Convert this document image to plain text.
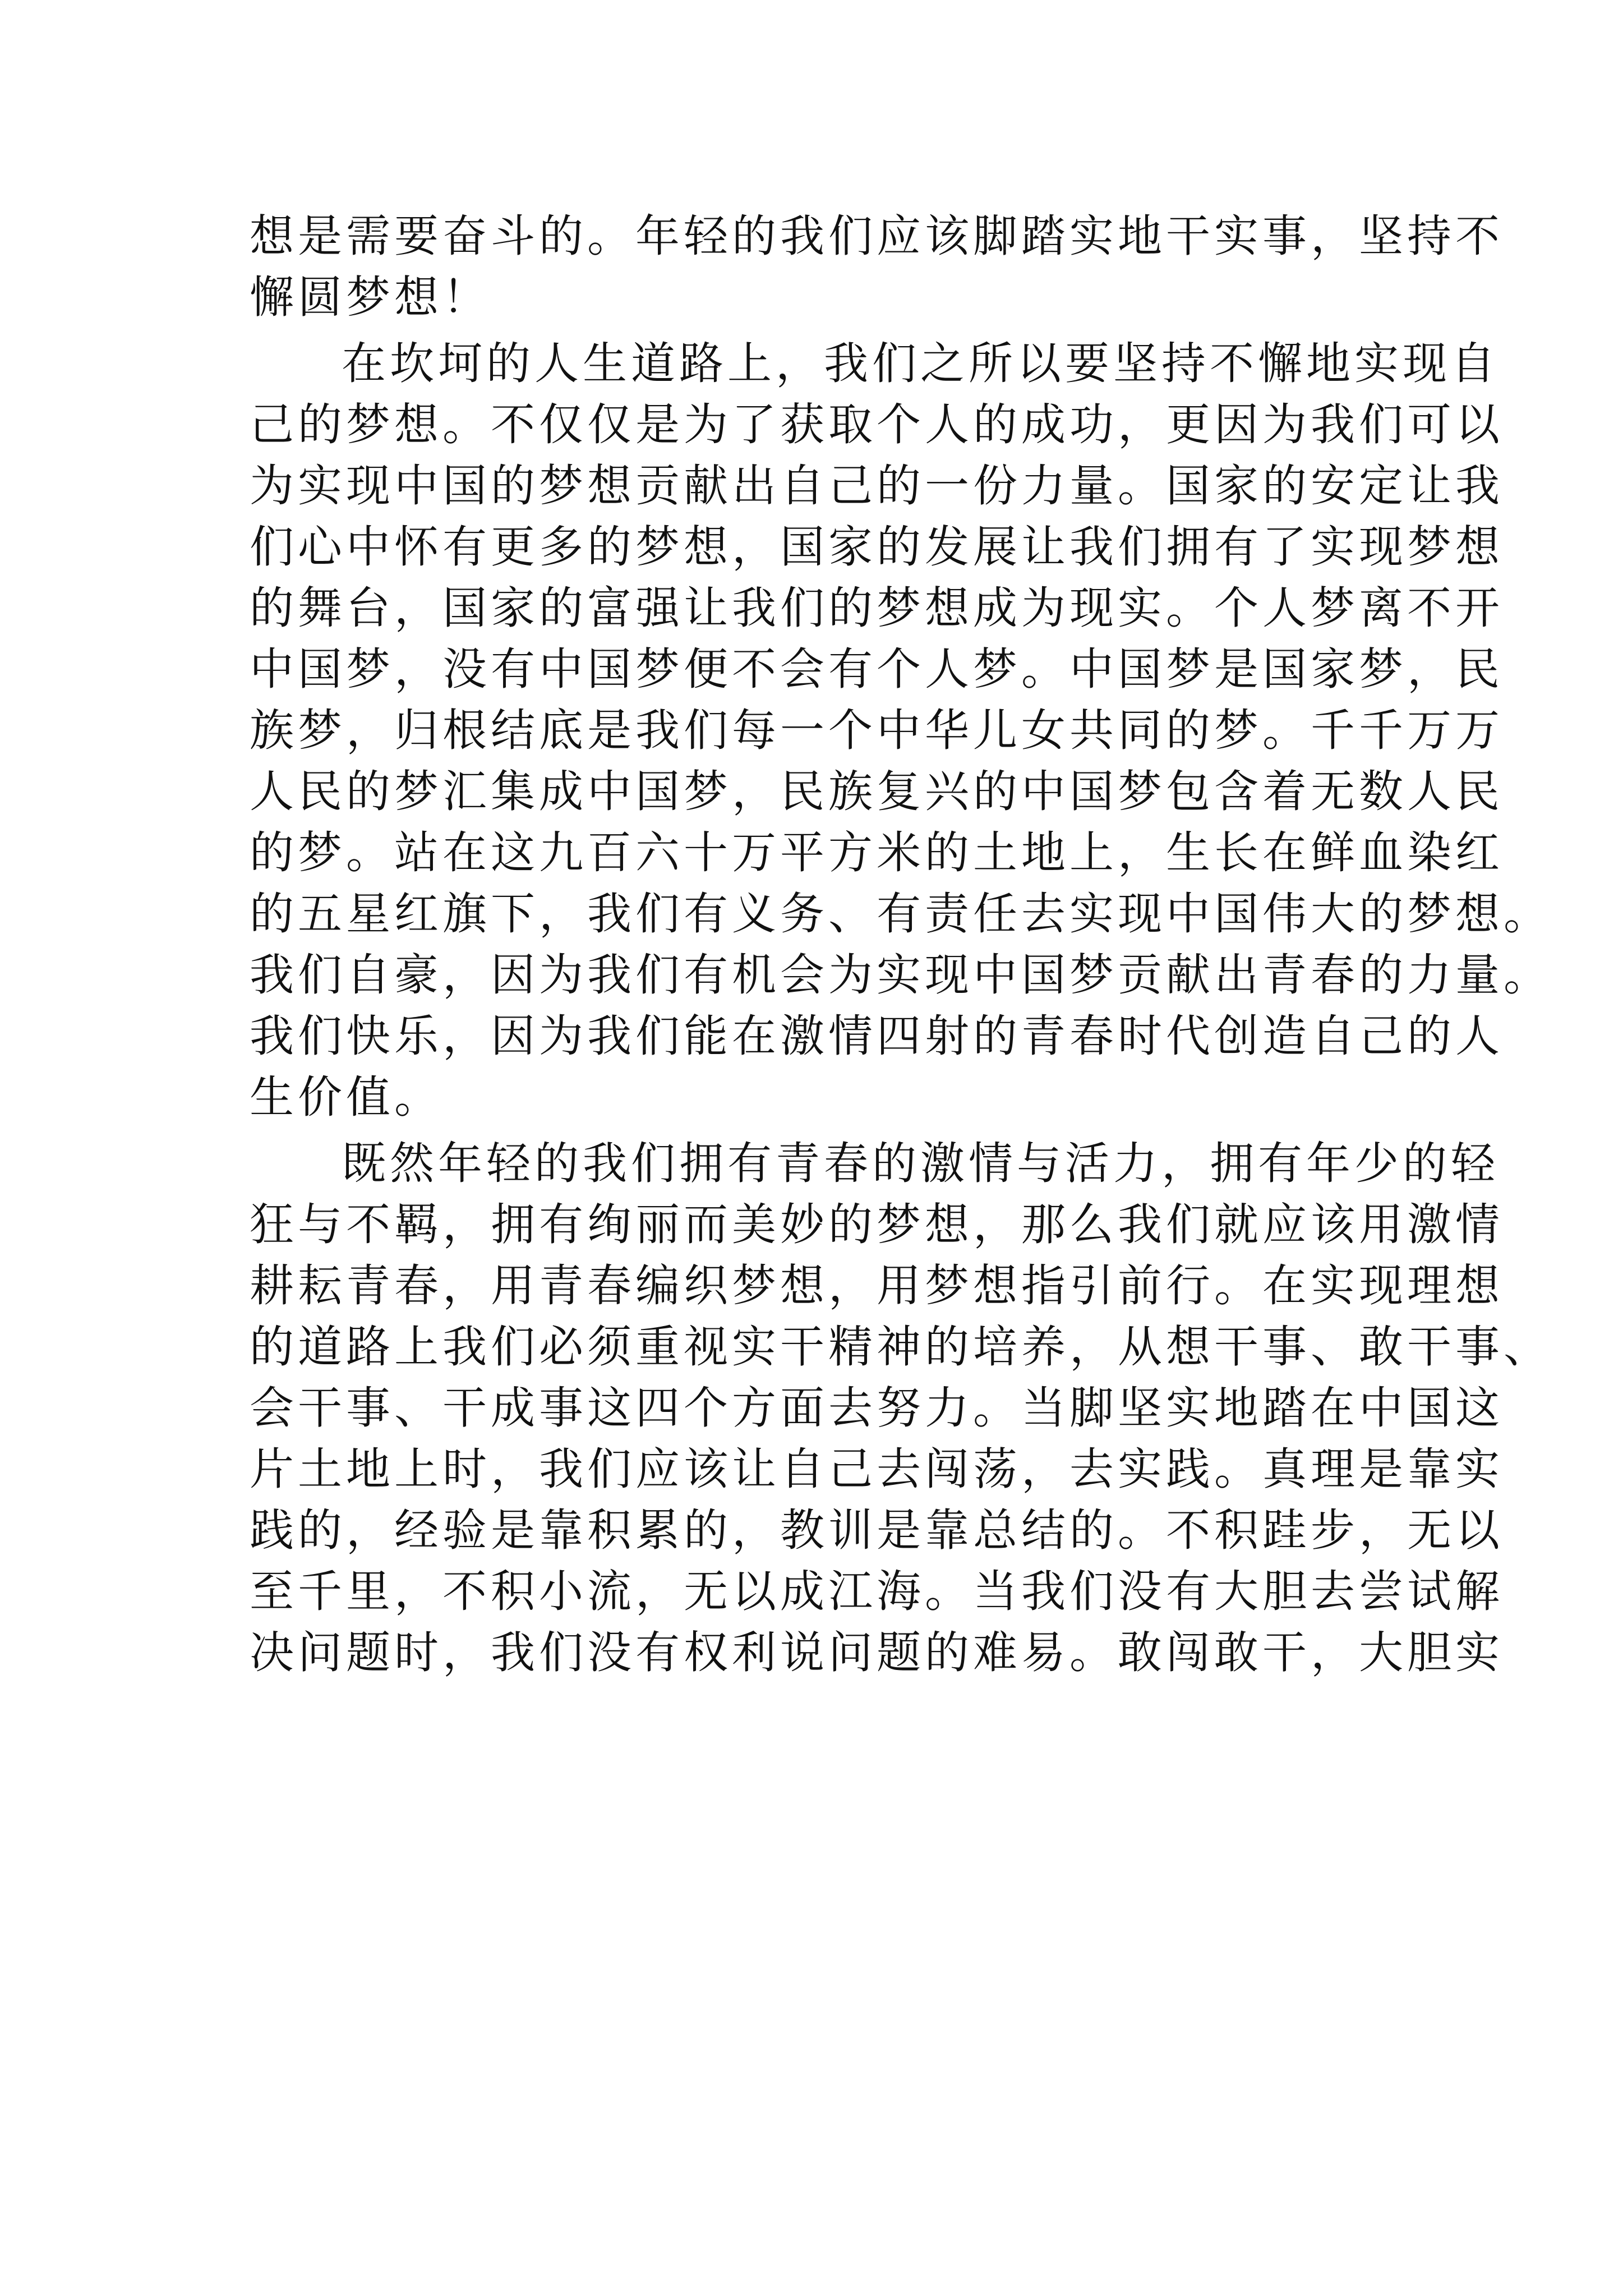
想是需要奋斗的。年轻的我们应该脚踏实地干实事，坚持不
懈圆梦想！
在坎坷的人生道路上，我们之所以要坚持不懈地实现自
己的梦想。不仅仅是为了获取个人的成功，更因为我们可以
为实现中国的梦想贡献出自己的一份力量。国家的安定让我
们心中怀有更多的梦想，国家的发展让我们拥有了实现梦想
的舞台，国家的富强让我们的梦想成为现实。个人梦离不开
中国梦，没有中国梦便不会有个人梦。中国梦是国家梦，民
族梦，归根结底是我们每一个中华儿女共同的梦。千千万万
人民的梦汇集成中国梦，民族复兴的中国梦包含着无数人民
的梦。站在这九百六十万平方米的土地上，生长在鲜血染红
的五星红旗下，我们有义务、有责任去实现中国伟大的梦想。
我们自豪，因为我们有机会为实现中国梦贡献出青春的力量。
我们快乐，因为我们能在激情四射的青春时代创造自己的人
生价值。
既然年轻的我们拥有青春的激情与活力，拥有年少的轻
狂与不羁，拥有绚丽而美妙的梦想，那么我们就应该用激情
耕耘青春，用青春编织梦想，用梦想指引前行。在实现理想
的道路上我们必须重视实干精神的培养，从想干事、敢干事、
会干事、干成事这四个方面去努力。当脚坚实地踏在中国这
片土地上时，我们应该让自己去闯荡，去实践。真理是靠实
践的，经验是靠积累的，教训是靠总结的。不积跬步，无以
至千里，不积小流，无以成江海。当我们没有大胆去尝试解
决问题时，我们没有权利说问题的难易。敢闯敢干，大胆实
